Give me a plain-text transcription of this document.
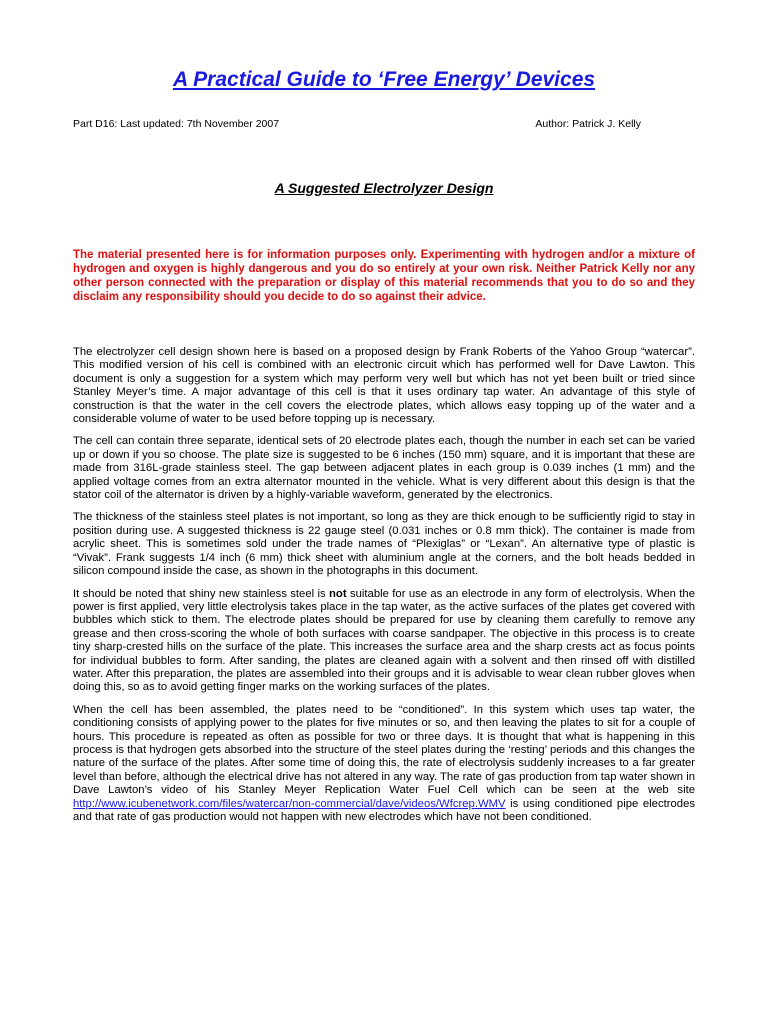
A Practical Guide to ‘Free Energy’ Devices
Part D16: Last updated: 7th November 2007	Author: Patrick J. Kelly
A Suggested Electrolyzer Design
The material presented here is for information purposes only. Experimenting with hydrogen and/or a mixture of hydrogen and oxygen is highly dangerous and you do so entirely at your own risk. Neither Patrick Kelly nor any other person connected with the preparation or display of this material recommends that you to do so and they disclaim any responsibility should you decide to do so against their advice.

The electrolyzer cell design shown here is based on a proposed design by Frank Roberts of the Yahoo Group “watercar”. This modified version of his cell is combined with an electronic circuit which has performed well for Dave Lawton. This document is only a suggestion for a system which may perform very well but which has not yet been built or tried since Stanley Meyer’s time. A major advantage of this cell is that it uses ordinary tap water. An advantage of this style of construction is that the water in the cell covers the electrode plates, which allows easy topping up of the water and a considerable volume of water to be used before topping up is necessary.

The cell can contain three separate, identical sets of 20 electrode plates each, though the number in each set can be varied up or down if you so choose. The plate size is suggested to be 6 inches (150 mm) square, and it is important that these are made from 316L-grade stainless steel. The gap between adjacent plates in each group is 0.039 inches (1 mm) and the applied voltage comes from an extra alternator mounted in the vehicle. What is very different about this design is that the stator coil of the alternator is driven by a highly-variable waveform, generated by the electronics.

The thickness of the stainless steel plates is not important, so long as they are thick enough to be sufficiently rigid to stay in position during use. A suggested thickness is 22 gauge steel (0.031 inches or 0.8 mm thick). The container is made from acrylic sheet. This is sometimes sold under the trade names of “Plexiglas” or “Lexan”. An alternative type of plastic is “Vivak”. Frank suggests 1/4 inch (6 mm) thick sheet with aluminium angle at the corners, and the bolt heads bedded in silicon compound inside the case, as shown in the photographs in this document.

It should be noted that shiny new stainless steel is not suitable for use as an electrode in any form of electrolysis. When the power is first applied, very little electrolysis takes place in the tap water, as the active surfaces of the plates get covered with bubbles which stick to them. The electrode plates should be prepared for use by cleaning them carefully to remove any grease and then cross-scoring the whole of both surfaces with coarse sandpaper. The objective in this process is to create tiny sharp-crested hills on the surface of the plate. This increases the surface area and the sharp crests act as focus points for individual bubbles to form. After sanding, the plates are cleaned again with a solvent and then rinsed off with distilled water. After this preparation, the plates are assembled into their groups and it is advisable to wear clean rubber gloves when doing this, so as to avoid getting finger marks on the working surfaces of the plates.

When the cell has been assembled, the plates need to be “conditioned”. In this system which uses tap water, the conditioning consists of applying power to the plates for five minutes or so, and then leaving the plates to sit for a couple of hours. This procedure is repeated as often as possible for two or three days. It is thought that what is happening in this process is that hydrogen gets absorbed into the structure of the steel plates during the ‘resting’ periods and this changes the nature of the surface of the plates. After some time of doing this, the rate of electrolysis suddenly increases to a far greater level than before, although the electrical drive has not altered in any way. The rate of gas production from tap water shown in Dave Lawton’s video of his Stanley Meyer Replication Water Fuel Cell which can be seen at the web site http://www.icubenetwork.com/files/watercar/non-commercial/dave/videos/Wfcrep.WMV is using conditioned pipe electrodes and that rate of gas production would not happen with new electrodes which have not been conditioned.
